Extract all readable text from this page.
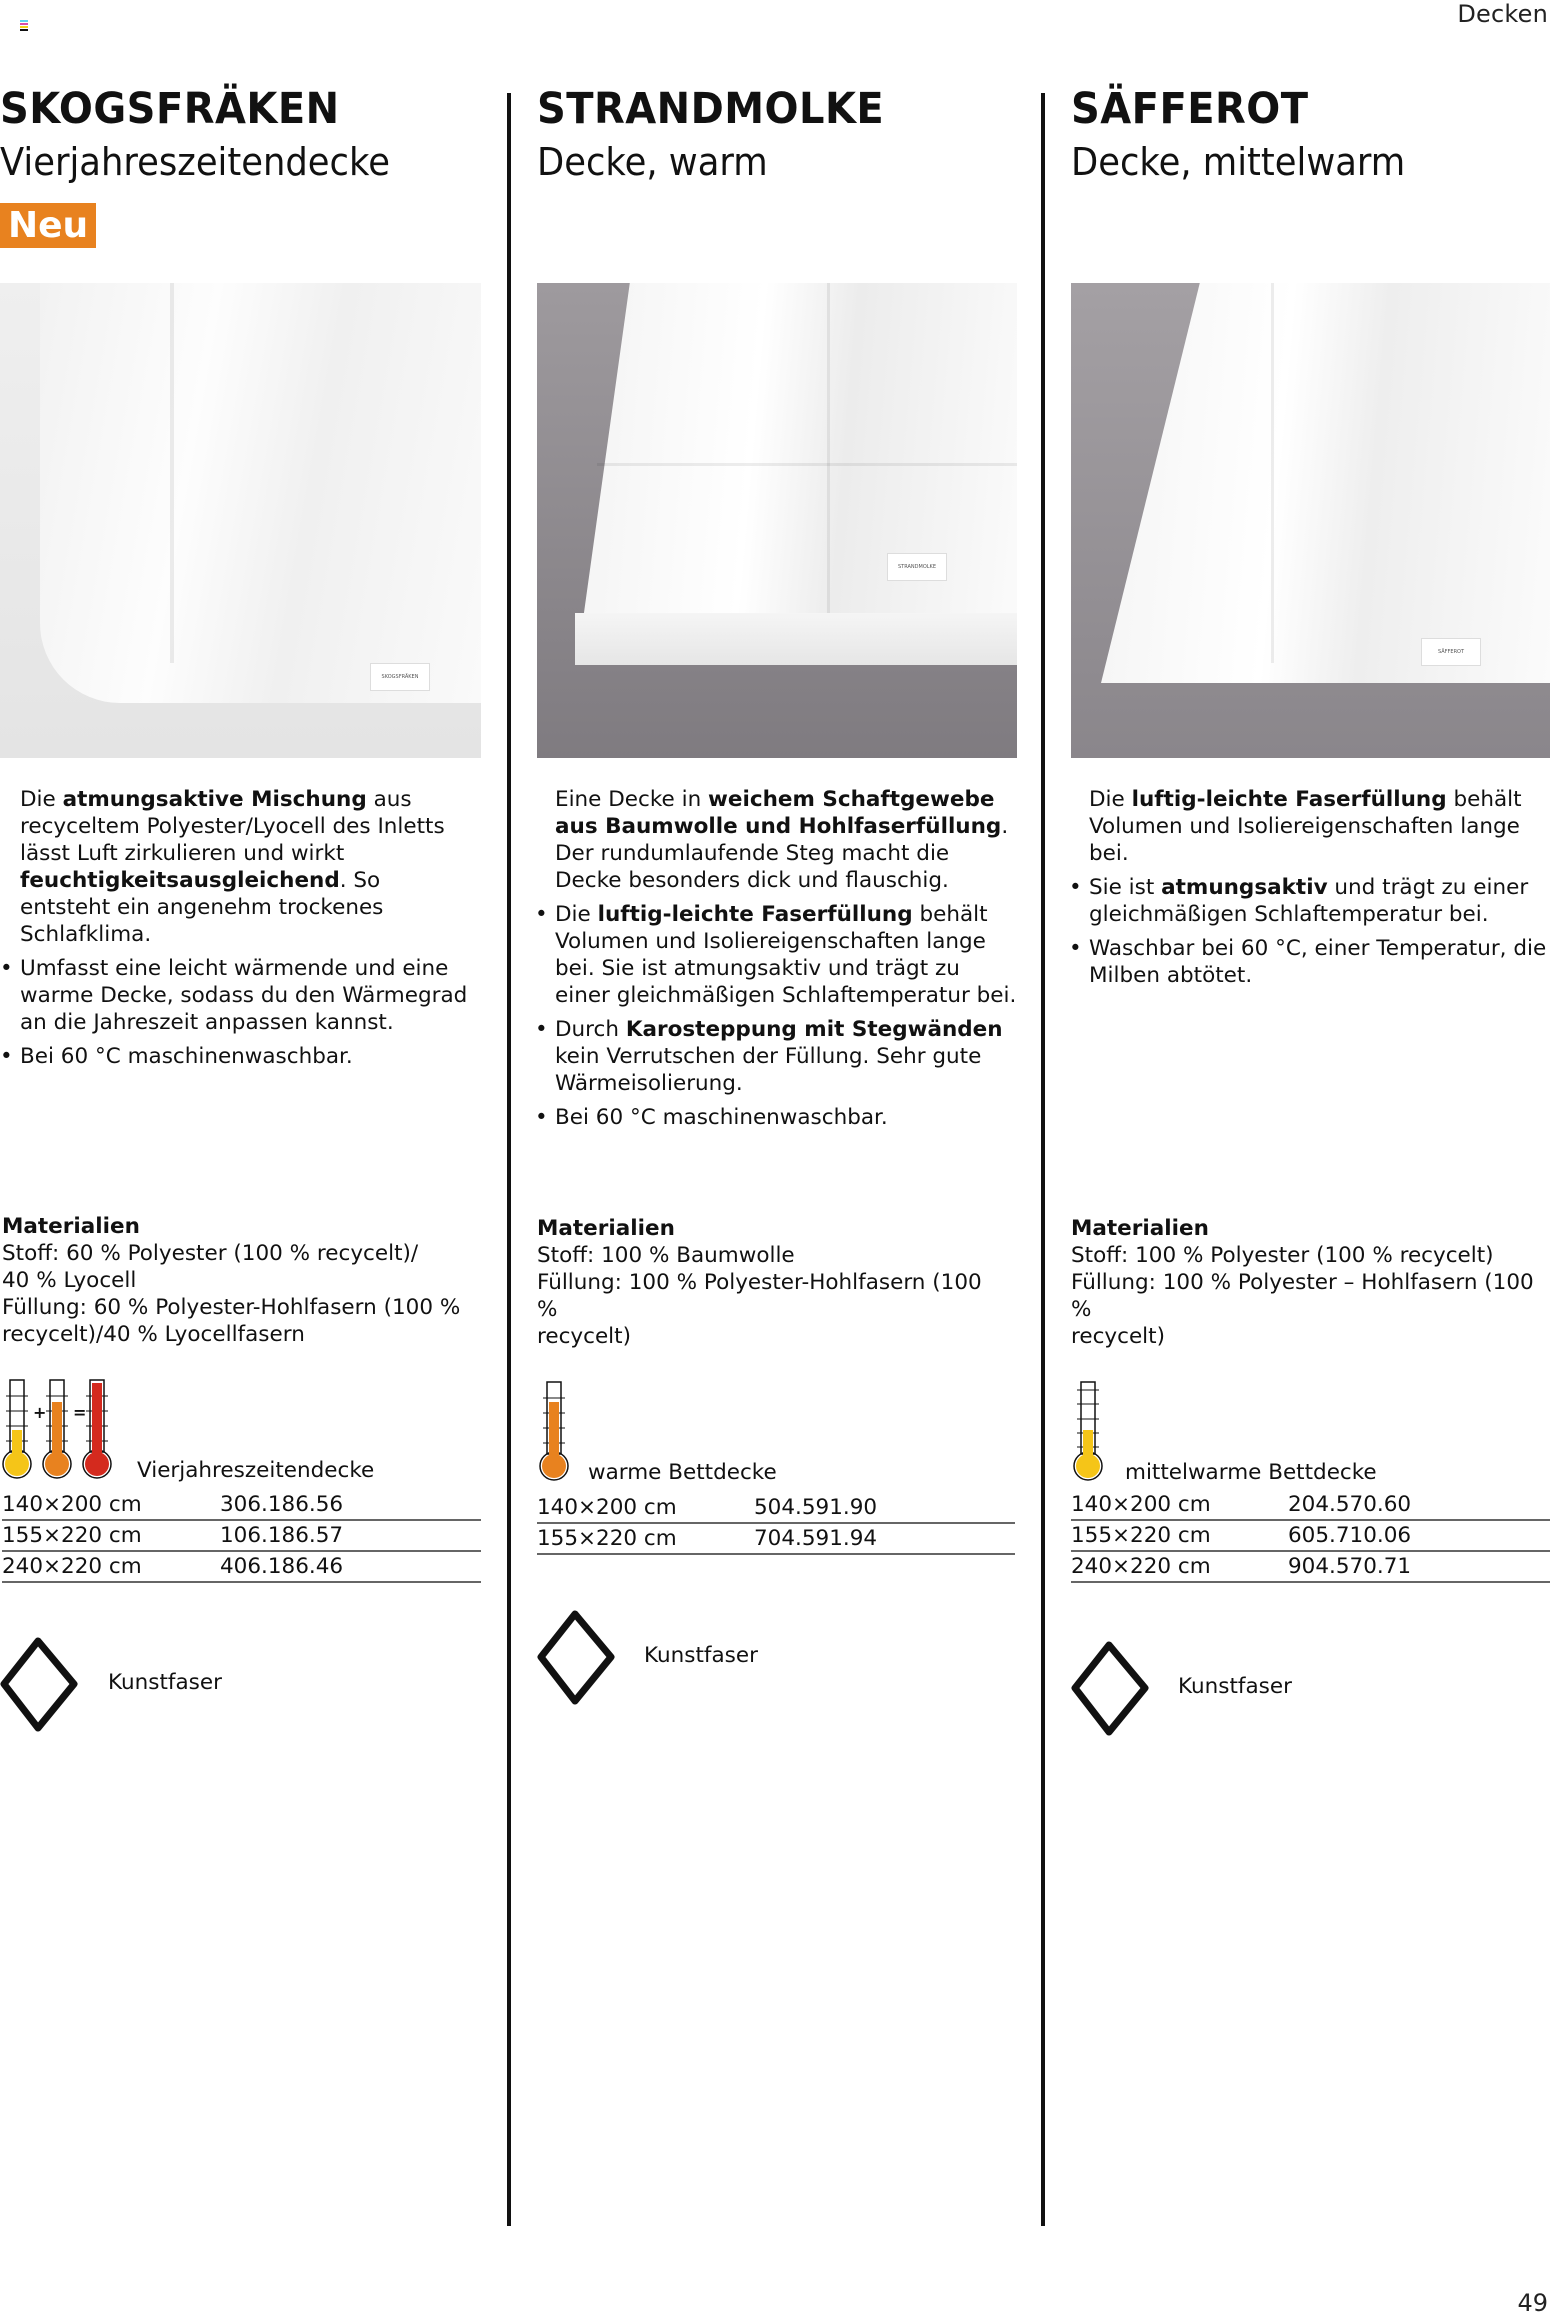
Decken
49
SKOGSFRÄKEN
Vierjahreszeitendecke
Neu
SKOGSFRÄKEN

Die atmungsaktive Mischung aus recyceltem Polyester/Lyocell des Inletts lässt Luft zirkulieren und wirkt feuchtigkeitsausgleichend. So entsteht ein angenehm trockenes Schlafklima.

• Umfasst eine leicht wärmende und eine warme Decke, sodass du den Wärmegrad an die Jahreszeit anpassen kannst.
• Bei 60 °C maschinenwaschbar.
Materialien
Stoff: 60 % Polyester (100 % recycelt)/
40 % Lyocell
Füllung: 60 % Polyester-Hohlfasern (100 %
recycelt)/40 % Lyocellfasern
+ =
Vierjahreszeitendecke
140×200 cm	306.186.56
155×220 cm	106.186.57
240×220 cm	406.186.46
Kunstfaser
STRANDMOLKE
Decke, warm
STRANDMOLKE

Eine Decke in weichem Schaftgewebe aus Baumwolle und Hohlfaserfüllung. Der rundumlaufende Steg macht die Decke besonders dick und flauschig.

• Die luftig-leichte Faserfüllung behält Volumen und Isoliereigenschaften lange bei. Sie ist atmungsaktiv und trägt zu einer gleichmäßigen Schlaftemperatur bei.
• Durch Karosteppung mit Stegwänden kein Verrutschen der Füllung. Sehr gute Wärmeisolierung.
• Bei 60 °C maschinenwaschbar.
Materialien
Stoff: 100 % Baumwolle
Füllung: 100 % Polyester-Hohlfasern (100 %
recycelt)
warme Bettdecke
140×200 cm	504.591.90
155×220 cm	704.591.94
Kunstfaser
SÄFFEROT
Decke, mittelwarm
SÄFFEROT

Die luftig-leichte Faserfüllung behält Volumen und Isoliereigenschaften lange bei.

• Sie ist atmungsaktiv und trägt zu einer gleichmäßigen Schlaftemperatur bei.
• Waschbar bei 60 °C, einer Temperatur, die Milben abtötet.
Materialien
Stoff: 100 % Polyester (100 % recycelt)
Füllung: 100 % Polyester – Hohlfasern (100 %
recycelt)
mittelwarme Bettdecke
140×200 cm	204.570.60
155×220 cm	605.710.06
240×220 cm	904.570.71
Kunstfaser
